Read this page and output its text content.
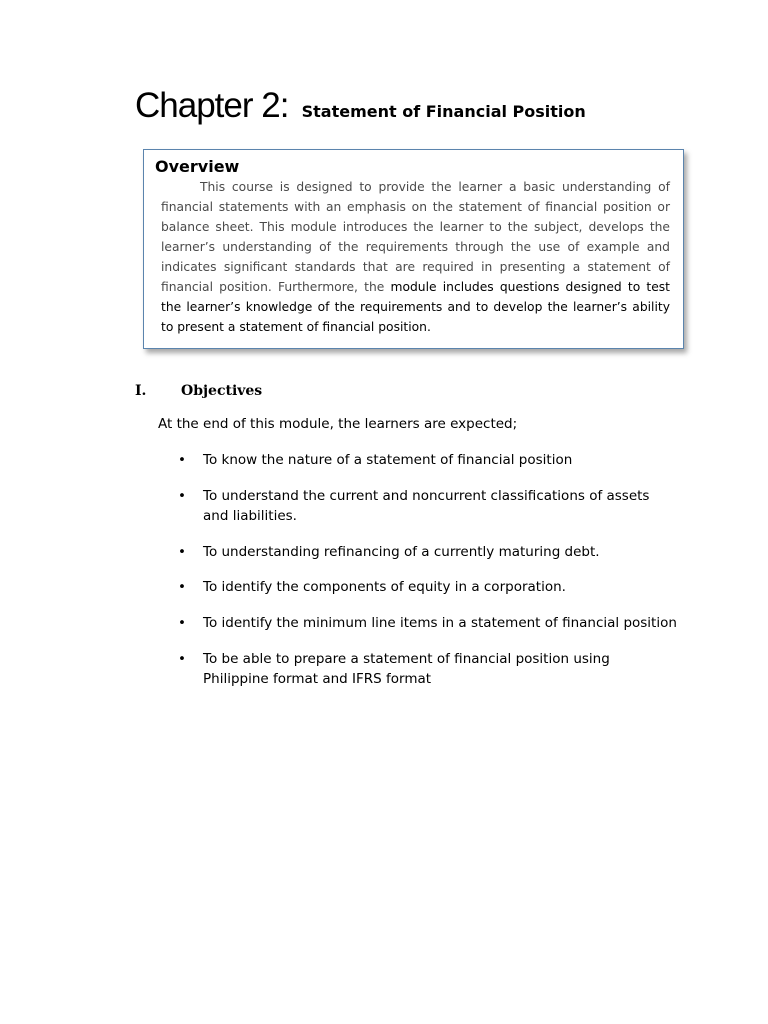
Chapter 2: Statement of Financial Position
Overview

This course is designed to provide the learner a basic understanding of financial statements with an emphasis on the statement of financial position or balance sheet. This module introduces the learner to the subject, develops the learner’s understanding of the requirements through the use of example and indicates significant standards that are required in presenting a statement of financial position. Furthermore, the module includes questions designed to test the learner’s knowledge of the requirements and to develop the learner’s ability to present a statement of financial position.

I. Objectives

At the end of this module, the learners are expected;

• To know the nature of a statement of financial position
• To understand the current and noncurrent classifications of assets and liabilities.
• To understanding refinancing of a currently maturing debt.
• To identify the components of equity in a corporation.
• To identify the minimum line items in a statement of financial position
• To be able to prepare a statement of financial position using Philippine format and IFRS format
